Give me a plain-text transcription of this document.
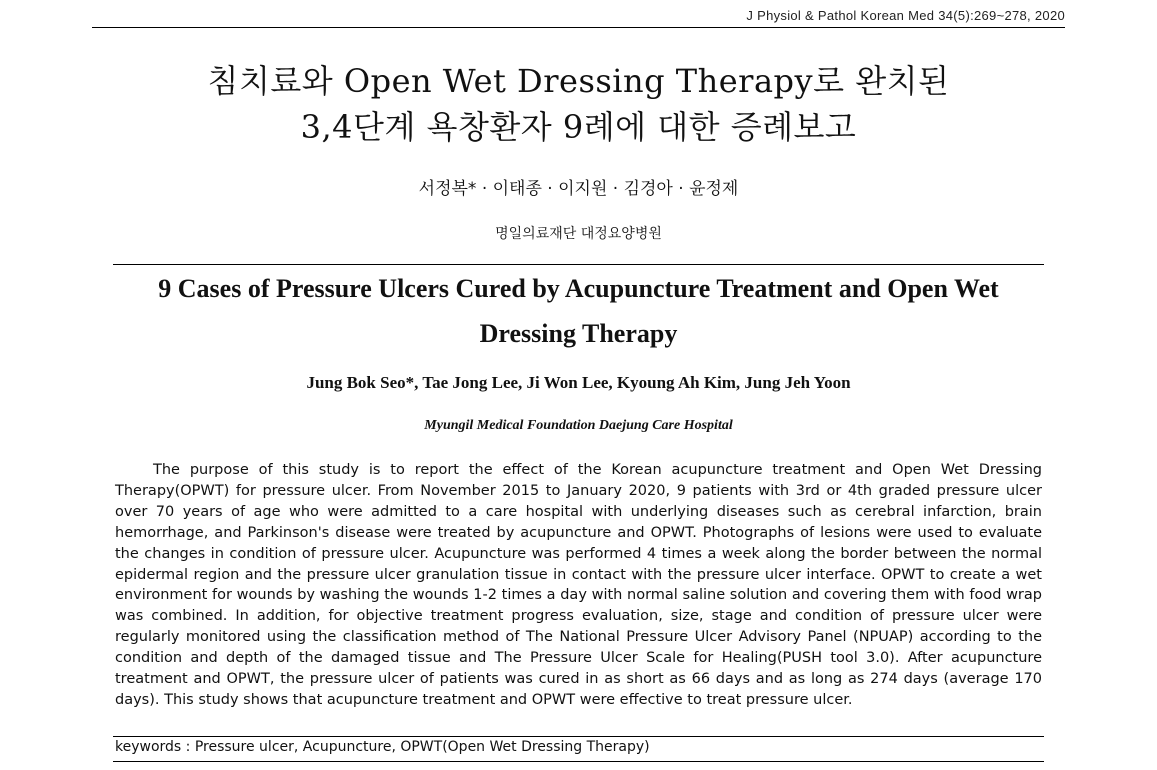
J Physiol & Pathol Korean Med 34(5):269~278, 2020
침치료와 Open Wet Dressing Therapy로 완치된
3,4단계 욕창환자 9례에 대한 증례보고
서정복* · 이태종 · 이지원 · 김경아 · 윤정제
명일의료재단 대정요양병원
9 Cases of Pressure Ulcers Cured by Acupuncture Treatment and Open Wet
Dressing Therapy
Jung Bok Seo*, Tae Jong Lee, Ji Won Lee, Kyoung Ah Kim, Jung Jeh Yoon
Myungil Medical Foundation Daejung Care Hospital

The purpose of this study is to report the effect of the Korean acupuncture treatment and Open Wet Dressing Therapy(OPWT) for pressure ulcer. From November 2015 to January 2020, 9 patients with 3rd or 4th graded pressure ulcer over 70 years of age who were admitted to a care hospital with underlying diseases such as cerebral infarction, brain hemorrhage, and Parkinson's disease were treated by acupuncture and OPWT. Photographs of lesions were used to evaluate the changes in condition of pressure ulcer. Acupuncture was performed 4 times a week along the border between the normal epidermal region and the pressure ulcer granulation tissue in contact with the pressure ulcer interface. OPWT to create a wet environment for wounds by washing the wounds 1-2 times a day with normal saline solution and covering them with food wrap was combined. In addition, for objective treatment progress evaluation, size, stage and condition of pressure ulcer were regularly monitored using the classification method of The National Pressure Ulcer Advisory Panel (NPUAP) according to the condition and depth of the damaged tissue and The Pressure Ulcer Scale for Healing(PUSH tool 3.0). After acupuncture treatment and OPWT, the pressure ulcer of patients was cured in as short as 66 days and as long as 274 days (average 170 days). This study shows that acupuncture treatment and OPWT were effective to treat pressure ulcer.

keywords : Pressure ulcer, Acupuncture, OPWT(Open Wet Dressing Therapy)
